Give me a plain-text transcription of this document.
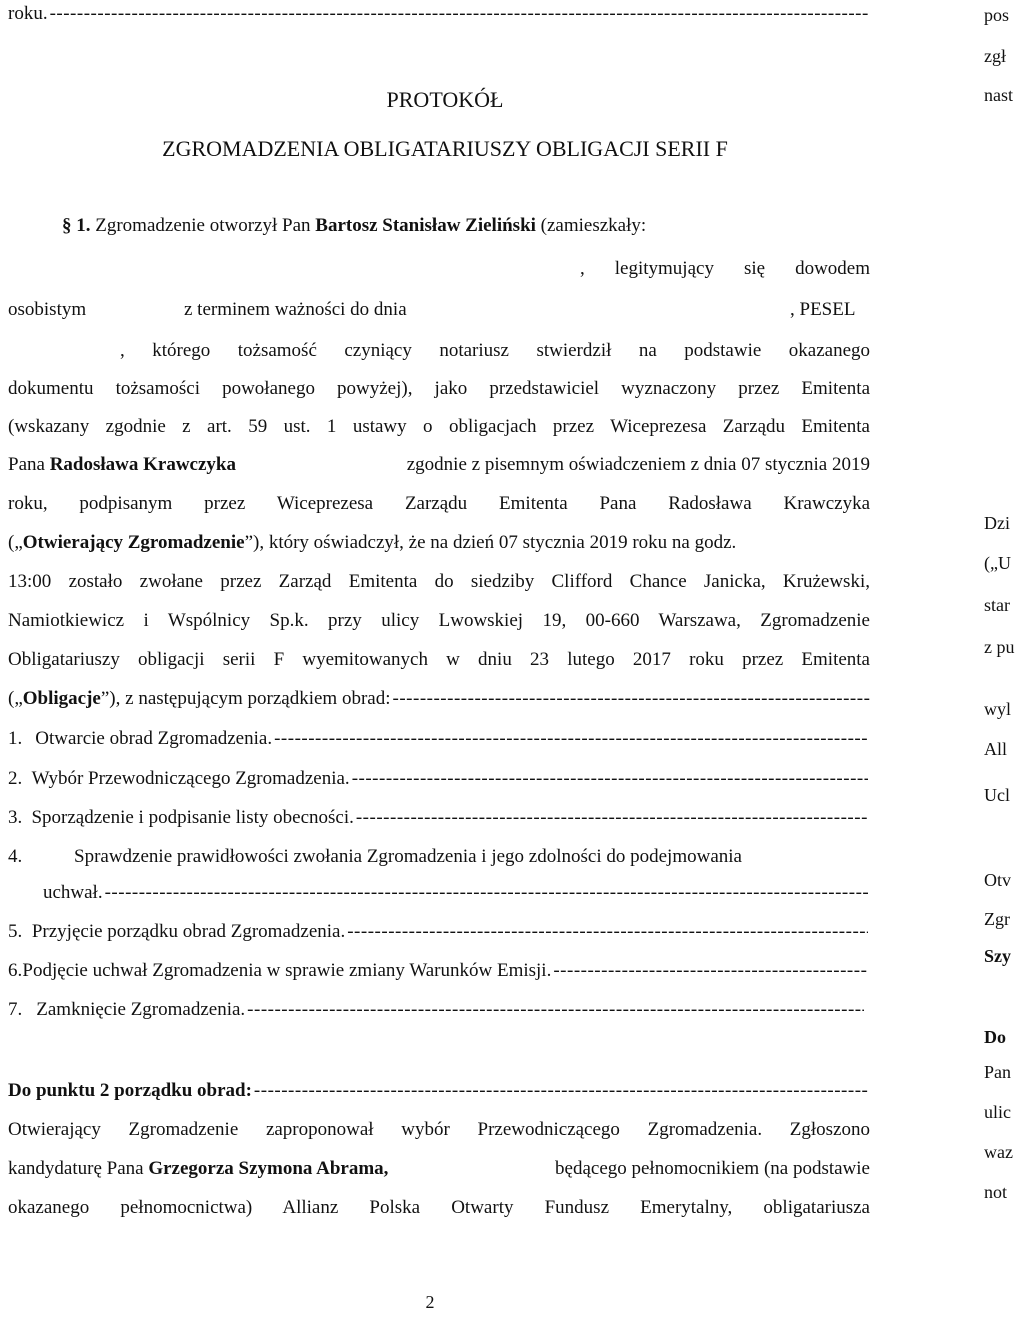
roku.
-----
PROTOKÓŁ
ZGROMADZENIA OBLIGATARIUSZY OBLIGACJI SERII F
§ 1.
Zgromadzenie otworzył Pan
Bartosz Stanisław Zieliński
(zamieszkały:
, legitymujący się dowodem
osobistym	z terminem ważności do dnia	, PESEL
, którego tożsamość czyniący notariusz stwierdził na podstawie okazanego
dokumentu tożsamości powołanego powyżej), jako przedstawiciel wyznaczony przez Emitenta
(wskazany zgodnie z art. 59 ust. 1 ustawy o obligacjach przez Wiceprezesa Zarządu Emitenta
Pana Radosława Krawczyka	zgodnie z pisemnym oświadczeniem z dnia 07 stycznia 2019
roku, podpisanym przez Wiceprezesa Zarządu Emitenta Pana Radosława Krawczyka
(„ Otwierający Zgromadzenie ”), który oświadczył, że na dzień 07 stycznia 2019 roku na godz.
13:00 zostało zwołane przez Zarząd Emitenta do siedziby Clifford Chance Janicka, Krużewski,
Namiotkiewicz i Wspólnicy Sp.k. przy ulicy Lwowskiej 19, 00-660 Warszawa, Zgromadzenie
Obligatariuszy obligacji serii F wyemitowanych w dniu 23 lutego 2017 roku przez Emitenta
(„ Obligacje ”), z następującym porządkiem obrad:
-----
1. Otwarcie obrad Zgromadzenia.
-----
2. Wybór Przewodniczącego Zgromadzenia.
-----
3. Sporządzenie i podpisanie listy obecności.
-----
4.	Sprawdzenie prawidłowości zwołania Zgromadzenia i jego zdolności do podejmowania
uchwał.
-----
5. Przyjęcie porządku obrad Zgromadzenia.
-----
6. Podjęcie uchwał Zgromadzenia w sprawie zmiany Warunków Emisji.
-----
7. Zamknięcie Zgromadzenia.
-----
Do punktu 2 porządku obrad:
-----
Otwierający Zgromadzenie zaproponował wybór Przewodniczącego Zgromadzenia. Zgłoszono
kandydaturę Pana Grzegorza Szymona Abrama,	będącego pełnomocnikiem (na podstawie
okazanego pełnomocnictwa) Allianz Polska Otwarty Fundusz Emerytalny, obligatariusza
pos
zgł
nast
Dzi
(„U
star
z pu
wyl
All
Ucl
Otv
Zgr
Szy
Do
Pan
ulic
waz
not
2
